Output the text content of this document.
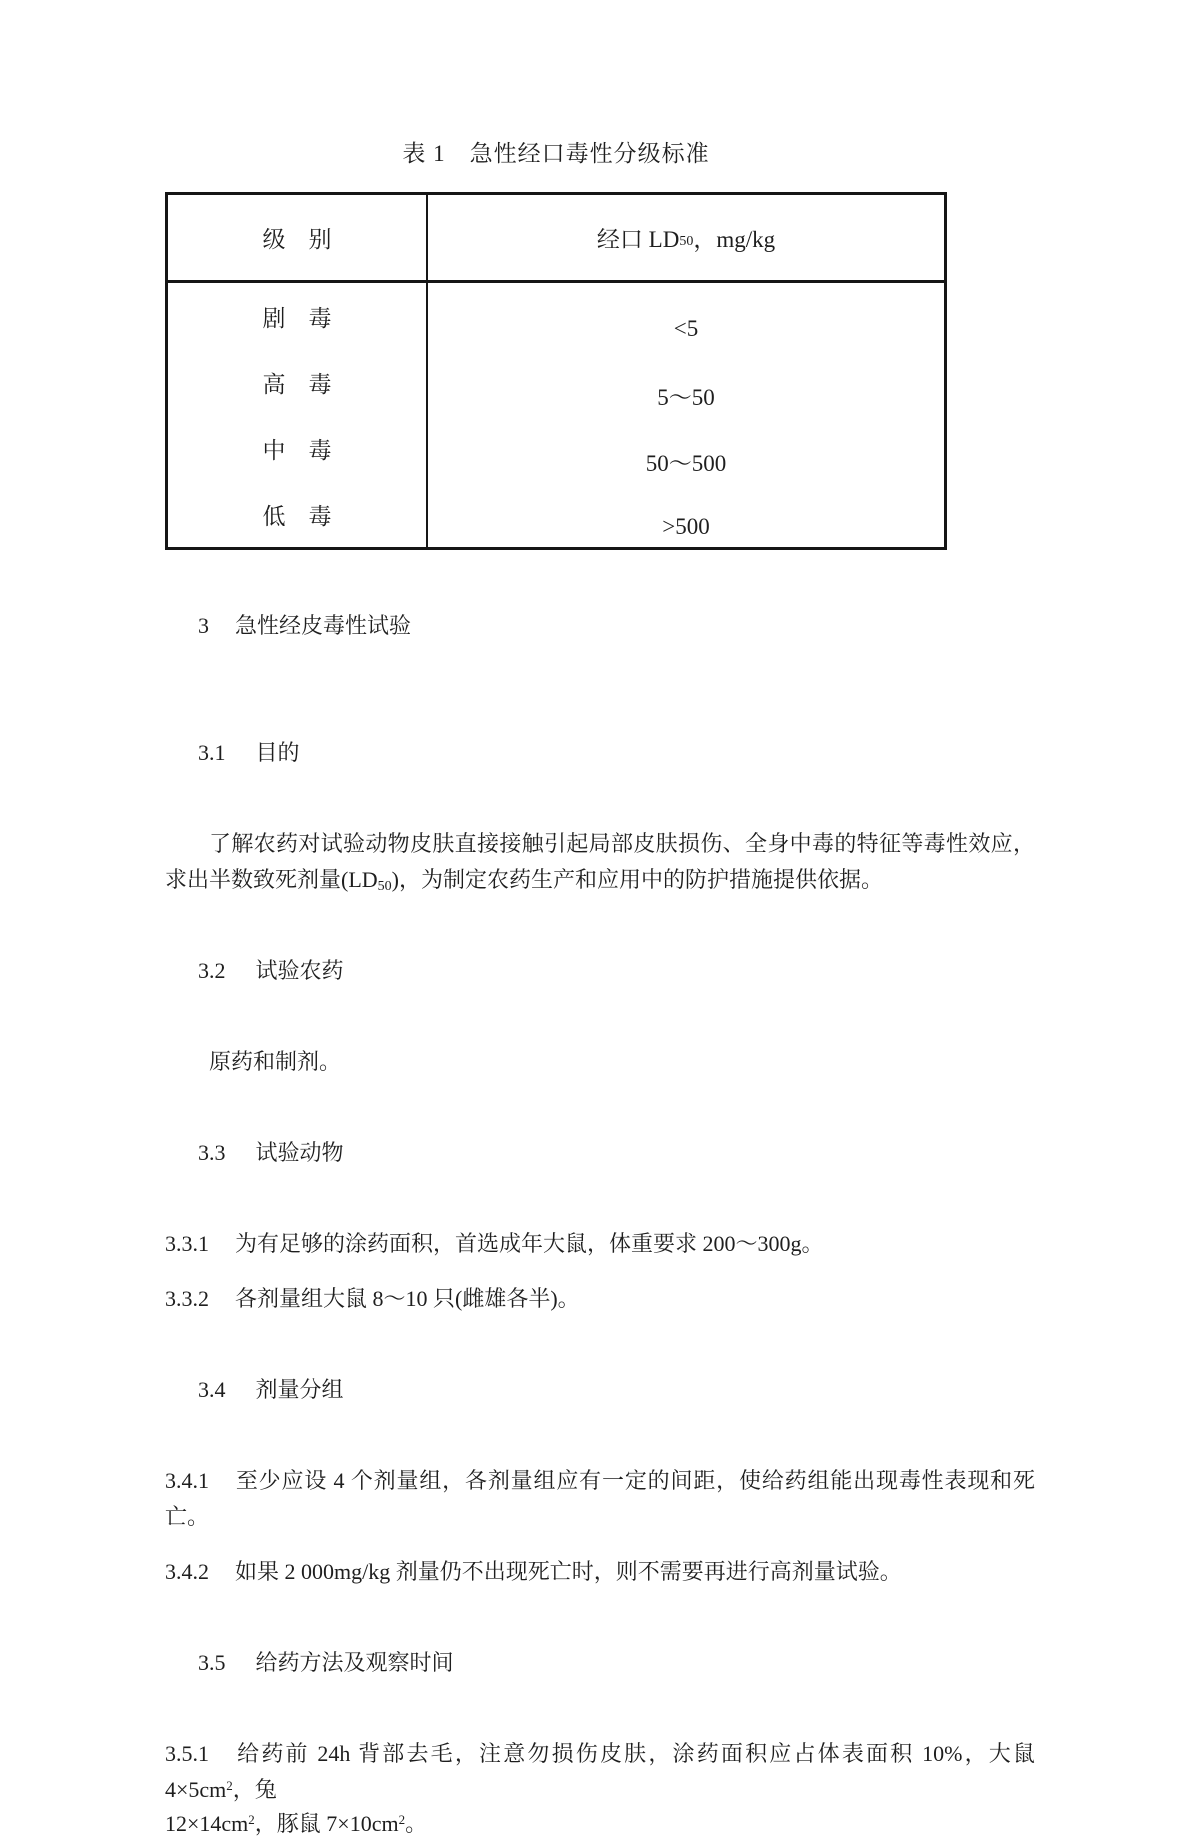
表 1　急性经口毒性分级标准
级　别	经口 LD 50 ，mg/kg
剧　毒
高　毒
中　毒
低　毒
<5
5～50
50～500
>500

3 急性经皮毒性试验

3.1 目的

了解农药对试验动物皮肤直接接触引起局部皮肤损伤、全身中毒的特征等毒性效应，求出半数致死剂量$(LD_{50})$，为制定农药生产和应用中的防护措施提供依据。

3.2 试验农药

原药和制剂。

3.3 试验动物

3.3.1 为有足够的涂药面积，首选成年大鼠，体重要求 200～300g。
3.3.2 各剂量组大鼠 8～10 只(雌雄各半)。

3.4 剂量分组

3.4.1 至少应设 4 个剂量组，各剂量组应有一定的间距，使给药组能出现毒性表现和死亡。
3.4.2 如果 2 000mg/kg 剂量仍不出现死亡时，则不需要再进行高剂量试验。

3.5 给药方法及观察时间

3.5.1 给药前 24h 背部去毛，注意勿损伤皮肤，涂药面积应占体表面积 10%，大鼠 $4\times 5cm^2$，兔
$12\times 14cm^2$，豚鼠 $7\times 10cm^2$。
